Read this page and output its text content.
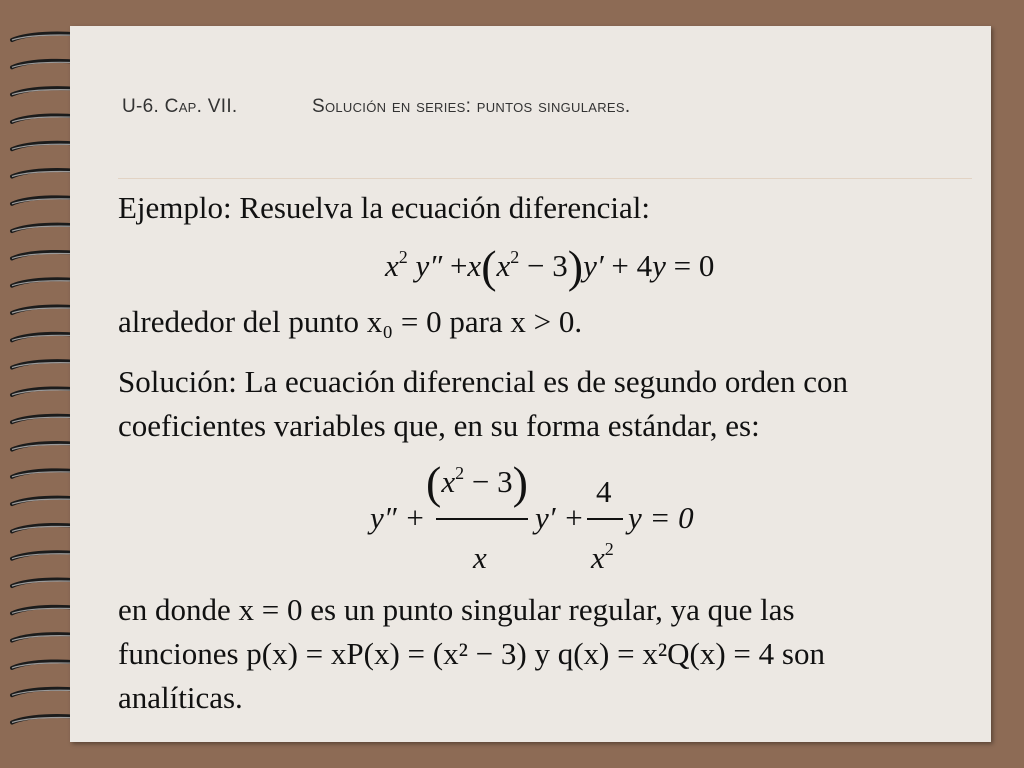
U-6. Cap. VII.	Solución en series: puntos singulares.

Ejemplo: Resuelva la ecuación diferencial:

$x^2$ $y'' +x(x^2 - 3)y' + 4y = 0$

alrededor del punto x₀ = 0 para x > 0.

Solución: La ecuación diferencial es de segundo orden con

coeficientes variables que, en su forma estándar, es:

y″ +
$(x^2 - 3)$
x
y′ +
4
$x^2$
y = 0

en donde x = 0 es un punto singular regular, ya que las

funciones p(x) = xP(x) = (x² − 3) y q(x) = x²Q(x) = 4 son

analíticas.
